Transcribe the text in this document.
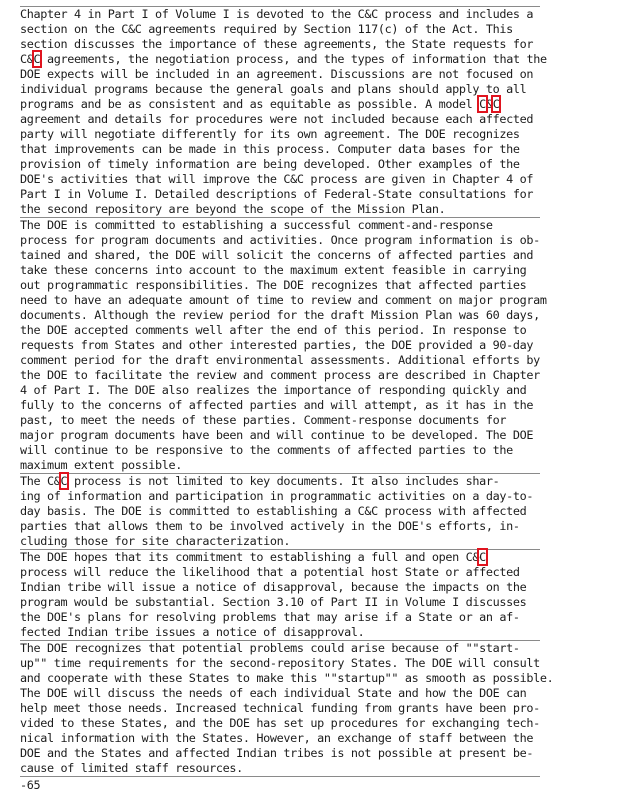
Chapter 4 in Part I of Volume I is devoted to the C&C process and includes a
section on the C&C agreements required by Section 117(c) of the Act. This
section discusses the importance of these agreements, the State requests for
C&C agreements, the negotiation process, and the types of information that the
DOE expects will be included in an agreement. Discussions are not focused on
individual programs because the general goals and plans should apply to all
programs and be as consistent and as equitable as possible. A model C&C
agreement and details for procedures were not included because each affected
party will negotiate differently for its own agreement. The DOE recognizes
that improvements can be made in this process. Computer data bases for the
provision of timely information are being developed. Other examples of the
DOE's activities that will improve the C&C process are given in Chapter 4 of
Part I in Volume I. Detailed descriptions of Federal-State consultations for
the second repository are beyond the scope of the Mission Plan.
The DOE is committed to establishing a successful comment-and-response
process for program documents and activities. Once program information is ob-
tained and shared, the DOE will solicit the concerns of affected parties and
take these concerns into account to the maximum extent feasible in carrying
out programmatic responsibilities. The DOE recognizes that affected parties
need to have an adequate amount of time to review and comment on major program
documents. Although the review period for the draft Mission Plan was 60 days,
the DOE accepted comments well after the end of this period. In response to
requests from States and other interested parties, the DOE provided a 90-day
comment period for the draft environmental assessments. Additional efforts by
the DOE to facilitate the review and comment process are described in Chapter
4 of Part I. The DOE also realizes the importance of responding quickly and
fully to the concerns of affected parties and will attempt, as it has in the
past, to meet the needs of these parties. Comment-response documents for
major program documents have been and will continue to be developed. The DOE
will continue to be responsive to the comments of affected parties to the
maximum extent possible.
The C&C process is not limited to key documents. It also includes shar-
ing of information and participation in programmatic activities on a day-to-
day basis. The DOE is committed to establishing a C&C process with affected
parties that allows them to be involved actively in the DOE's efforts, in-
cluding those for site characterization.
The DOE hopes that its commitment to establishing a full and open C&C
process will reduce the likelihood that a potential host State or affected
Indian tribe will issue a notice of disapproval, because the impacts on the
program would be substantial. Section 3.10 of Part II in Volume I discusses
the DOE's plans for resolving problems that may arise if a State or an af-
fected Indian tribe issues a notice of disapproval.
The DOE recognizes that potential problems could arise because of ""start-
up"" time requirements for the second-repository States. The DOE will consult
and cooperate with these States to make this ""startup"" as smooth as possible.
The DOE will discuss the needs of each individual State and how the DOE can
help meet those needs. Increased technical funding from grants have been pro-
vided to these States, and the DOE has set up procedures for exchanging tech-
nical information with the States. However, an exchange of staff between the
DOE and the States and affected Indian tribes is not possible at present be-
cause of limited staff resources.
-65
